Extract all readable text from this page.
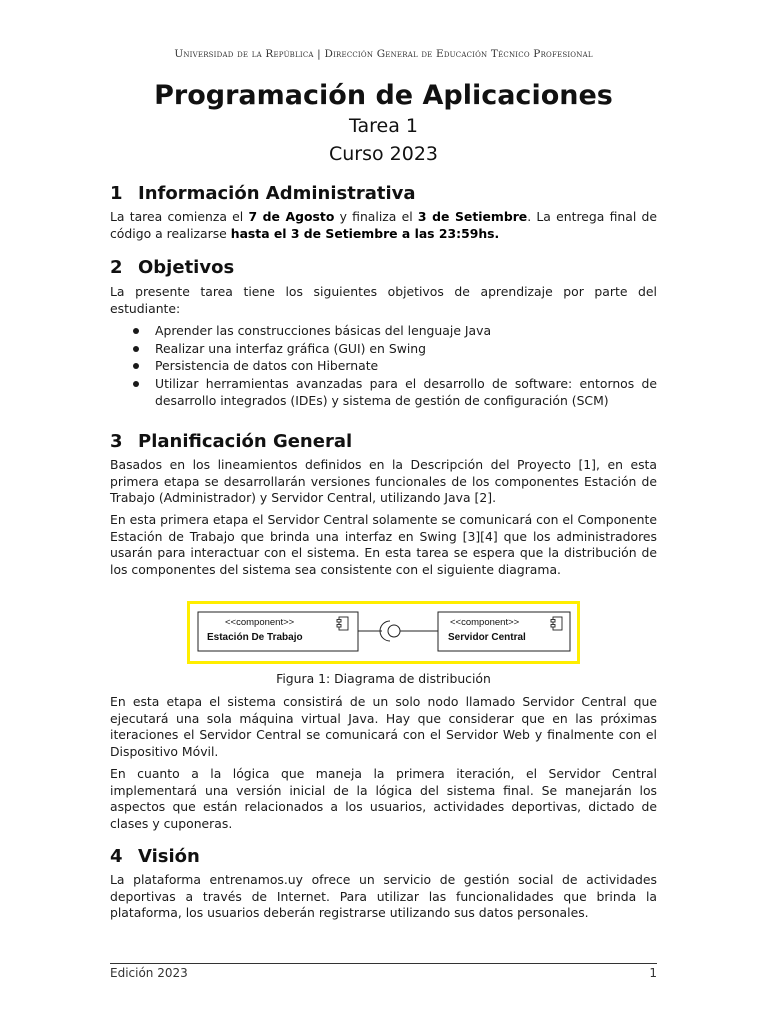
Universidad de la República | Dirección General de Educación Técnico Profesional
Programación de Aplicaciones
Tarea 1
Curso 2023
1 Información Administrativa
La tarea comienza el 7 de Agosto y finaliza el 3 de Setiembre. La entrega final de código a realizarse hasta el 3 de Setiembre a las 23:59hs.
2 Objetivos
La presente tarea tiene los siguientes objetivos de aprendizaje por parte del estudiante:
Aprender las construcciones básicas del lenguaje Java
Realizar una interfaz gráfica (GUI) en Swing
Persistencia de datos con Hibernate
Utilizar herramientas avanzadas para el desarrollo de software: entornos de desarrollo integrados (IDEs) y sistema de gestión de configuración (SCM)
3 Planificación General
Basados en los lineamientos definidos en la Descripción del Proyecto [1], en esta primera etapa se desarrollarán versiones funcionales de los componentes Estación de Trabajo (Administrador) y Servidor Central, utilizando Java [2].
En esta primera etapa el Servidor Central solamente se comunicará con el Componente Estación de Trabajo que brinda una interfaz en Swing [3][4] que los administradores usarán para interactuar con el sistema. En esta tarea se espera que la distribución de los componentes del sistema sea consistente con el siguiente diagrama.
<<component>>
Estación De Trabajo
<<component>>
Servidor Central
Figura 1: Diagrama de distribución
En esta etapa el sistema consistirá de un solo nodo llamado Servidor Central que ejecutará una sola máquina virtual Java. Hay que considerar que en las próximas iteraciones el Servidor Central se comunicará con el Servidor Web y finalmente con el Dispositivo Móvil.
En cuanto a la lógica que maneja la primera iteración, el Servidor Central implementará una versión inicial de la lógica del sistema final. Se manejarán los aspectos que están relacionados a los usuarios, actividades deportivas, dictado de clases y cuponeras.
4 Visión
La plataforma entrenamos.uy ofrece un servicio de gestión social de actividades deportivas a través de Internet. Para utilizar las funcionalidades que brinda la plataforma, los usuarios deberán registrarse utilizando sus datos personales.
Edición 2023	1
